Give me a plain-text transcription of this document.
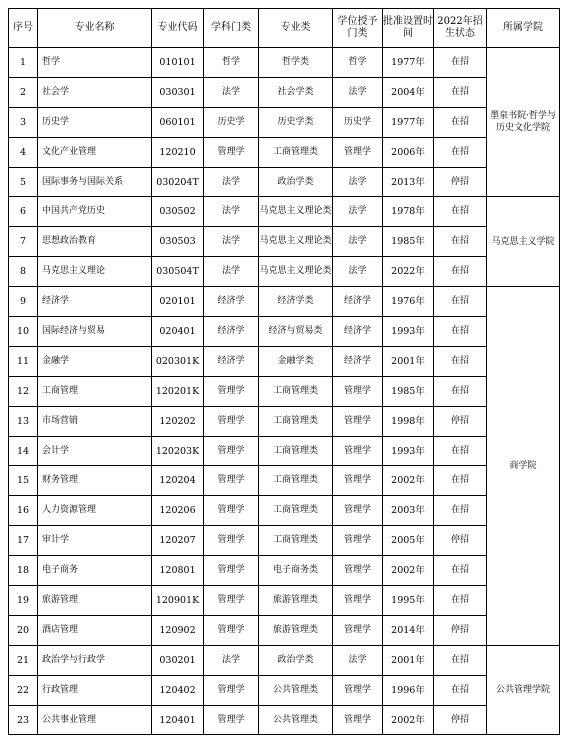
序号	专业名称	专业代码	学科门类	专业类	学位授予门类	批准设置时间	2022年招生状态	所属学院
1	哲学	010101	哲学	哲学类	哲学	1977年	在招	墨泉书院·哲学与历史文化学院
2	社会学	030301	法学	社会学类	法学	2004年	在招	
3	历史学	060101	历史学	历史学类	历史学	1977年	在招	
4	文化产业管理	120210	管理学	工商管理类	管理学	2006年	在招	
5	国际事务与国际关系	030204T	法学	政治学类	法学	2013年	停招	
6	中国共产党历史	030502	法学	马克思主义理论类	法学	1978年	在招	马克思主义学院
7	思想政治教育	030503	法学	马克思主义理论类	法学	1985年	在招	
8	马克思主义理论	030504T	法学	马克思主义理论类	法学	2022年	在招	
9	经济学	020101	经济学	经济学类	经济学	1976年	在招	商学院
10	国际经济与贸易	020401	经济学	经济与贸易类	经济学	1993年	在招	
11	金融学	020301K	经济学	金融学类	经济学	2001年	在招	
12	工商管理	120201K	管理学	工商管理类	管理学	1985年	在招	
13	市场营销	120202	管理学	工商管理类	管理学	1998年	停招	
14	会计学	120203K	管理学	工商管理类	管理学	1993年	在招	
15	财务管理	120204	管理学	工商管理类	管理学	2002年	在招	
16	人力资源管理	120206	管理学	工商管理类	管理学	2003年	在招	
17	审计学	120207	管理学	工商管理类	管理学	2005年	停招	
18	电子商务	120801	管理学	电子商务类	管理学	2002年	在招	
19	旅游管理	120901K	管理学	旅游管理类	管理学	1995年	在招	
20	酒店管理	120902	管理学	旅游管理类	管理学	2014年	停招	
21	政治学与行政学	030201	法学	政治学类	法学	2001年	在招	公共管理学院
22	行政管理	120402	管理学	公共管理类	管理学	1996年	在招	
23	公共事业管理	120401	管理学	公共管理类	管理学	2002年	停招	
